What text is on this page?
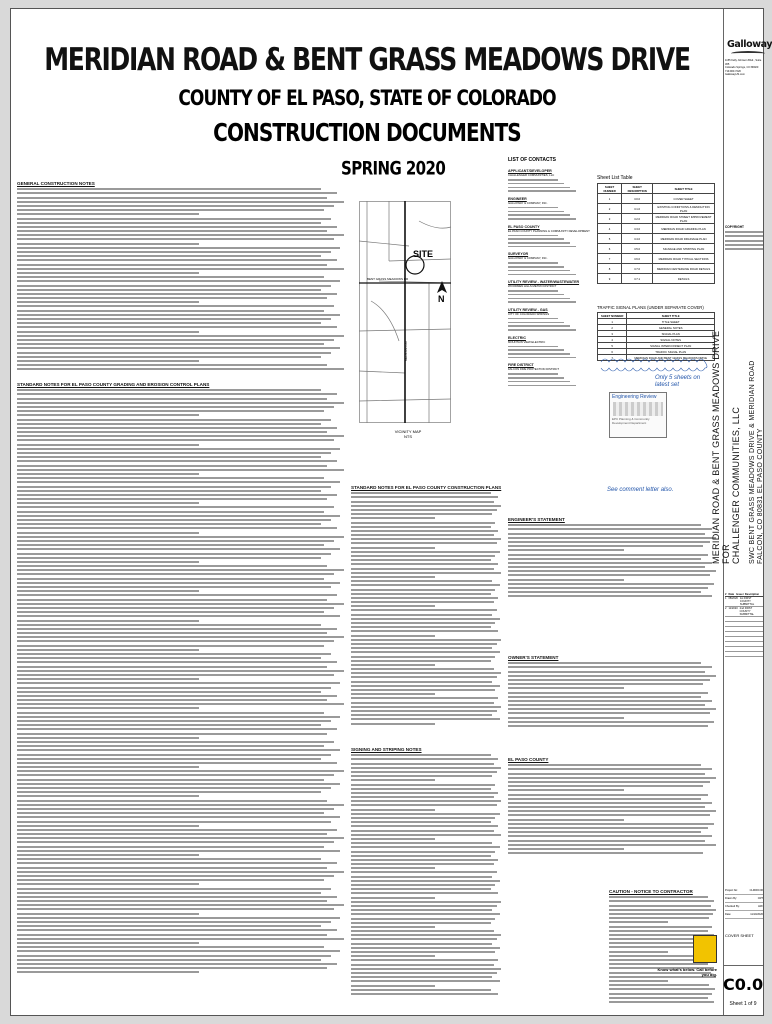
MERIDIAN ROAD & BENT GRASS MEADOWS DRIVE
COUNTY OF EL PASO, STATE OF COLORADO
CONSTRUCTION DOCUMENTS
SPRING 2020
GENERAL CONSTRUCTION NOTES
STANDARD NOTES FOR EL PASO COUNTY GRADING AND EROSION CONTROL PLANS
SITE
MERIDIAN RD
BENT GRASS MEADOWS DR
N
VICINITY MAP
NTS
STANDARD NOTES FOR EL PASO COUNTY CONSTRUCTION PLANS
SIGNING AND STRIPING NOTES
LIST OF CONTACTS
APPLICANT/DEVELOPER
CHALLENGER COMMUNITIES, LLC
ENGINEER
GALLOWAY & COMPANY, INC.
EL PASO COUNTY
EL PASO COUNTY PLANNING & COMMUNITY DEVELOPMENT
SURVEYOR
GALLOWAY & COMPANY, INC.
UTILITY REVIEW - WATER/WASTEWATER
WOODMEN HILLS METRO DISTRICT
UTILITY REVIEW - GAS
CITY OF COLORADO SPRINGS
ELECTRIC
MOUNTAIN VIEW ELECTRIC
FIRE DISTRICT
FALCON FIRE PROTECTION DISTRICT
Sheet List Table
SHEET NUMBER	SHEET DESCRIPTION	SHEET TITLE
1	C0.0	COVER SHEET
2	C1.0	EXISTING CONDITIONS & DEMOLITION PLAN
3	C2.0	MERIDIAN ROAD STREET IMPROVEMENT PLAN
4	C3.0	MERIDIAN ROAD GRADING PLAN
5	C4.0	MERIDIAN ROAD DRAINAGE PLAN
6	C5.0	SIGNAGE AND STRIPING PLAN
7	C6.0	MERIDIAN ROAD TYPICAL SECTIONS
8	C7.0	MERIDIAN CENTERLINE ROAD DETAILS
9	C7.1	DETAILS
TRAFFIC SIGNAL PLANS (UNDER SEPARATE COVER)
SHEET NUMBER	SHEET TITLE
1	TITLE SHEET
2	GENERAL NOTES
3	SIGNAL PLAN
4	SIGNAL NOTES
5	SIGNAL INTERCONNECT PLAN
6	TRAFFIC SIGNAL PLAN
7	MERIDIAN ROAD AND BENT GRASS MEADOWS DRIVE
Only 5 sheets on latest set
Engineering Review
EPC Planning & Community
Development Department
See comment letter also.
ENGINEER'S STATEMENT
OWNER'S STATEMENT
EL PASO COUNTY
CAUTION - NOTICE TO CONTRACTOR
Know what's below. Call before you dig.
Galloway
1155 Kelly Johnson Blvd., Suite 305
Colorado Springs, CO 80920
719.900.7220
GallowayUS.com
COPYRIGHT
MERIDIAN ROAD & BENT GRASS MEADOWS DRIVE FOR CHALLENGER COMMUNITIES, LLC SWC BENT GRASS MEADOWS DRIVE & MERIDIAN ROAD FALCON, CO 80831 EL PASO COUNTY
# Date Issue / Description
1 08/2020 1st FIRST COUNTY SUBMITTAL
2 11/2020 2nd FIRST COUNTY SUBMITTAL
Project No:	CLM000.00
Drawn By:	CRT
Checked By:	LRF
Date:	11/10/2020
COVER SHEET
C0.0
Sheet 1 of 9
